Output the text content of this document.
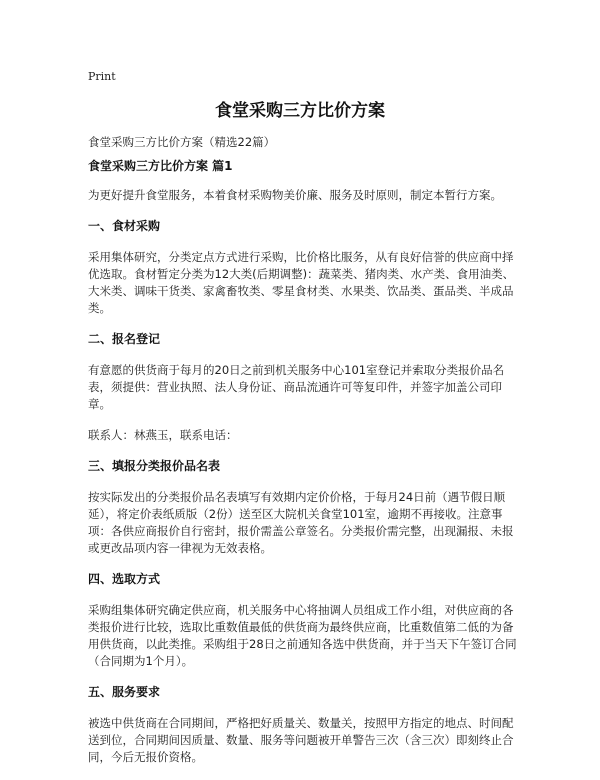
Print
食堂采购三方比价方案
食堂采购三方比价方案（精选22篇）
食堂采购三方比价方案 篇1

为更好提升食堂服务，本着食材采购物美价廉、服务及时原则，制定本暂行方案。

一、食材采购

采用集体研究，分类定点方式进行采购，比价格比服务，从有良好信誉的供应商中择优选取。食材暂定分类为12大类(后期调整)：蔬菜类、猪肉类、水产类、食用油类、大米类、调味干货类、家禽畜牧类、零星食材类、水果类、饮品类、蛋品类、半成品类。

二、报名登记

有意愿的供货商于每月的20日之前到机关服务中心101室登记并索取分类报价品名表，须提供：营业执照、法人身份证、商品流通许可等复印件，并签字加盖公司印章。

联系人：林燕玉，联系电话：

三、填报分类报价品名表

按实际发出的分类报价品名表填写有效期内定价价格，于每月24日前（遇节假日顺延），将定价表纸质版（2份）送至区大院机关食堂101室，逾期不再接收。注意事项：各供应商报价自行密封，报价需盖公章签名。分类报价需完整，出现漏报、未报或更改品项内容一律视为无效表格。

四、选取方式

采购组集体研究确定供应商，机关服务中心将抽调人员组成工作小组，对供应商的各类报价进行比较，选取比重数值最低的供货商为最终供应商，比重数值第二低的为备用供货商，以此类推。采购组于28日之前通知各选中供货商，并于当天下午签订合同（合同期为1个月）。

五、服务要求

被选中供货商在合同期间，严格把好质量关、数量关，按照甲方指定的地点、时间配送到位，合同期间因质量、数量、服务等问题被开单警告三次（含三次）即刻终止合同，今后无报价资格。
